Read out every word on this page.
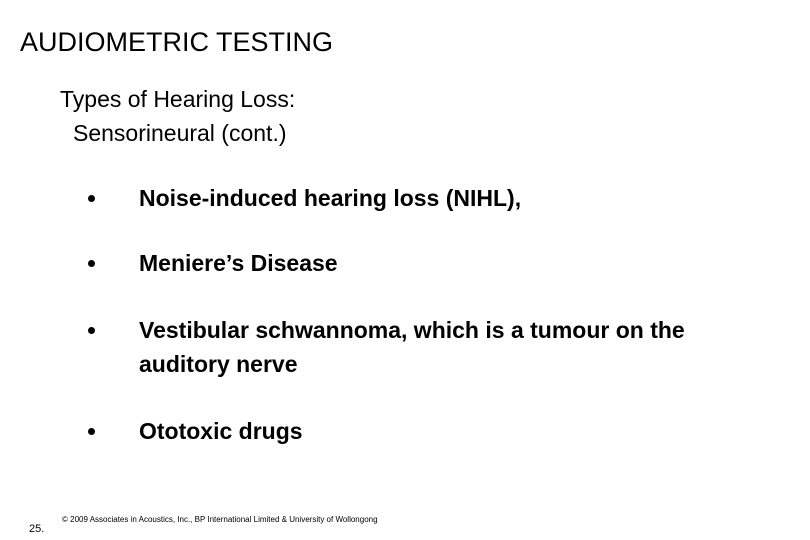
AUDIOMETRIC TESTING
Types of Hearing Loss:
Sensorineural (cont.)
Noise-induced hearing loss (NIHL),
Meniere’s Disease
Vestibular schwannoma, which is a tumour on the auditory nerve
Ototoxic drugs

25.

© 2009 Associates in Acoustics, Inc., BP International Limited & University of Wollongong
